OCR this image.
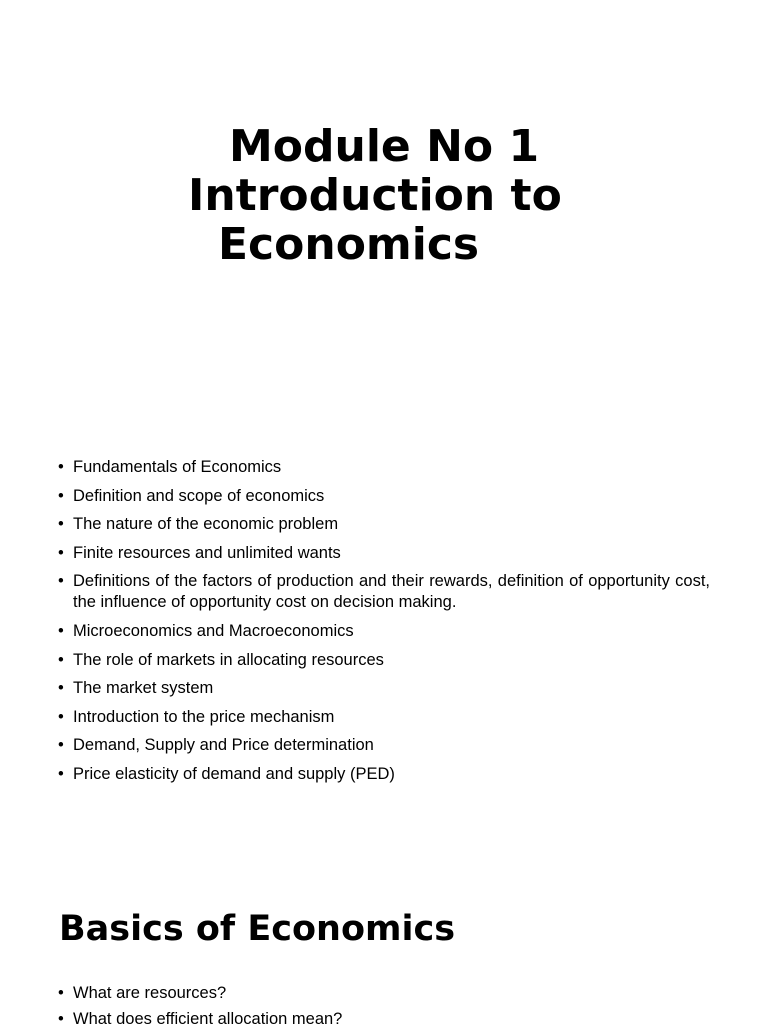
Module No 1
Introduction to
Economics
• Fundamentals of Economics
• Definition and scope of economics
• The nature of the economic problem
• Finite resources and unlimited wants
• Definitions of the factors of production and their rewards, definition of opportunity cost, the influence of opportunity cost on decision making.
• Microeconomics and Macroeconomics
• The role of markets in allocating resources
• The market system
• Introduction to the price mechanism
• Demand, Supply and Price determination
• Price elasticity of demand and supply (PED)
Basics of Economics
• What are resources?
• What does efficient allocation mean?
